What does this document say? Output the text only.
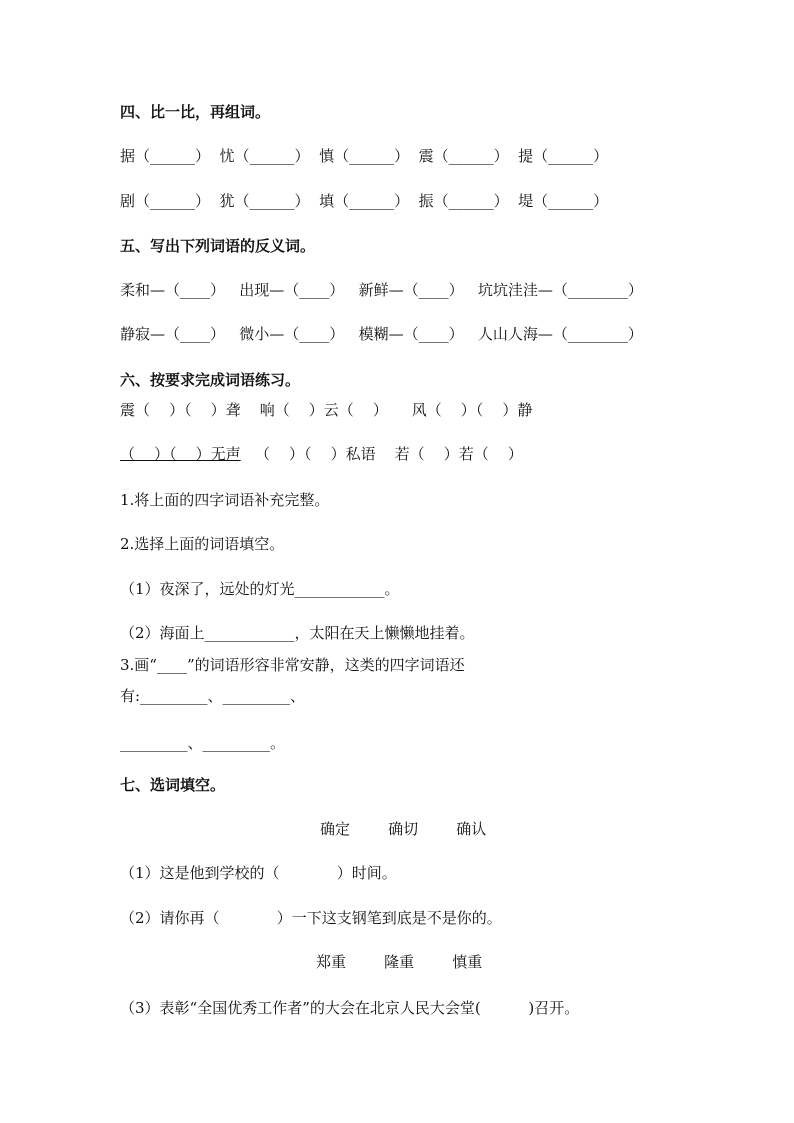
四、比一比，再组词。
据（______）  忧（______）  慎（______）  震（______）  提（______）
剧（______）  犹（______）  填（______）  振（______）  堤（______）
五、写出下列词语的反义词。
柔和—（____）   出现—（____）   新鲜—（____）   坑坑洼洼—（________）
静寂—（____）   微小—（____）   模糊—（____）   人山人海—（________）
六、按要求完成词语练习。
震（    ）（    ）聋    响（    ）云（    ）     风（    ）（    ）静
（    ）（    ）无声   （    ）（    ）私语    若（    ）若（    ）
1.将上面的四字词语补充完整。
2.选择上面的词语填空。
（1）夜深了，远处的灯光____________。
（2）海面上____________，太阳在天上懒懒地挂着。
3.画“____”的词语形容非常安静，这类的四字词语还
有:_________、_________、
_________、_________。
七、选词填空。
确定        确切        确认
（1）这是他到学校的（            ）时间。
（2）请你再（            ）一下这支钢笔到底是不是你的。
郑重        隆重        慎重
（3）表彰“全国优秀工作者”的大会在北京人民大会堂(          )召开。
